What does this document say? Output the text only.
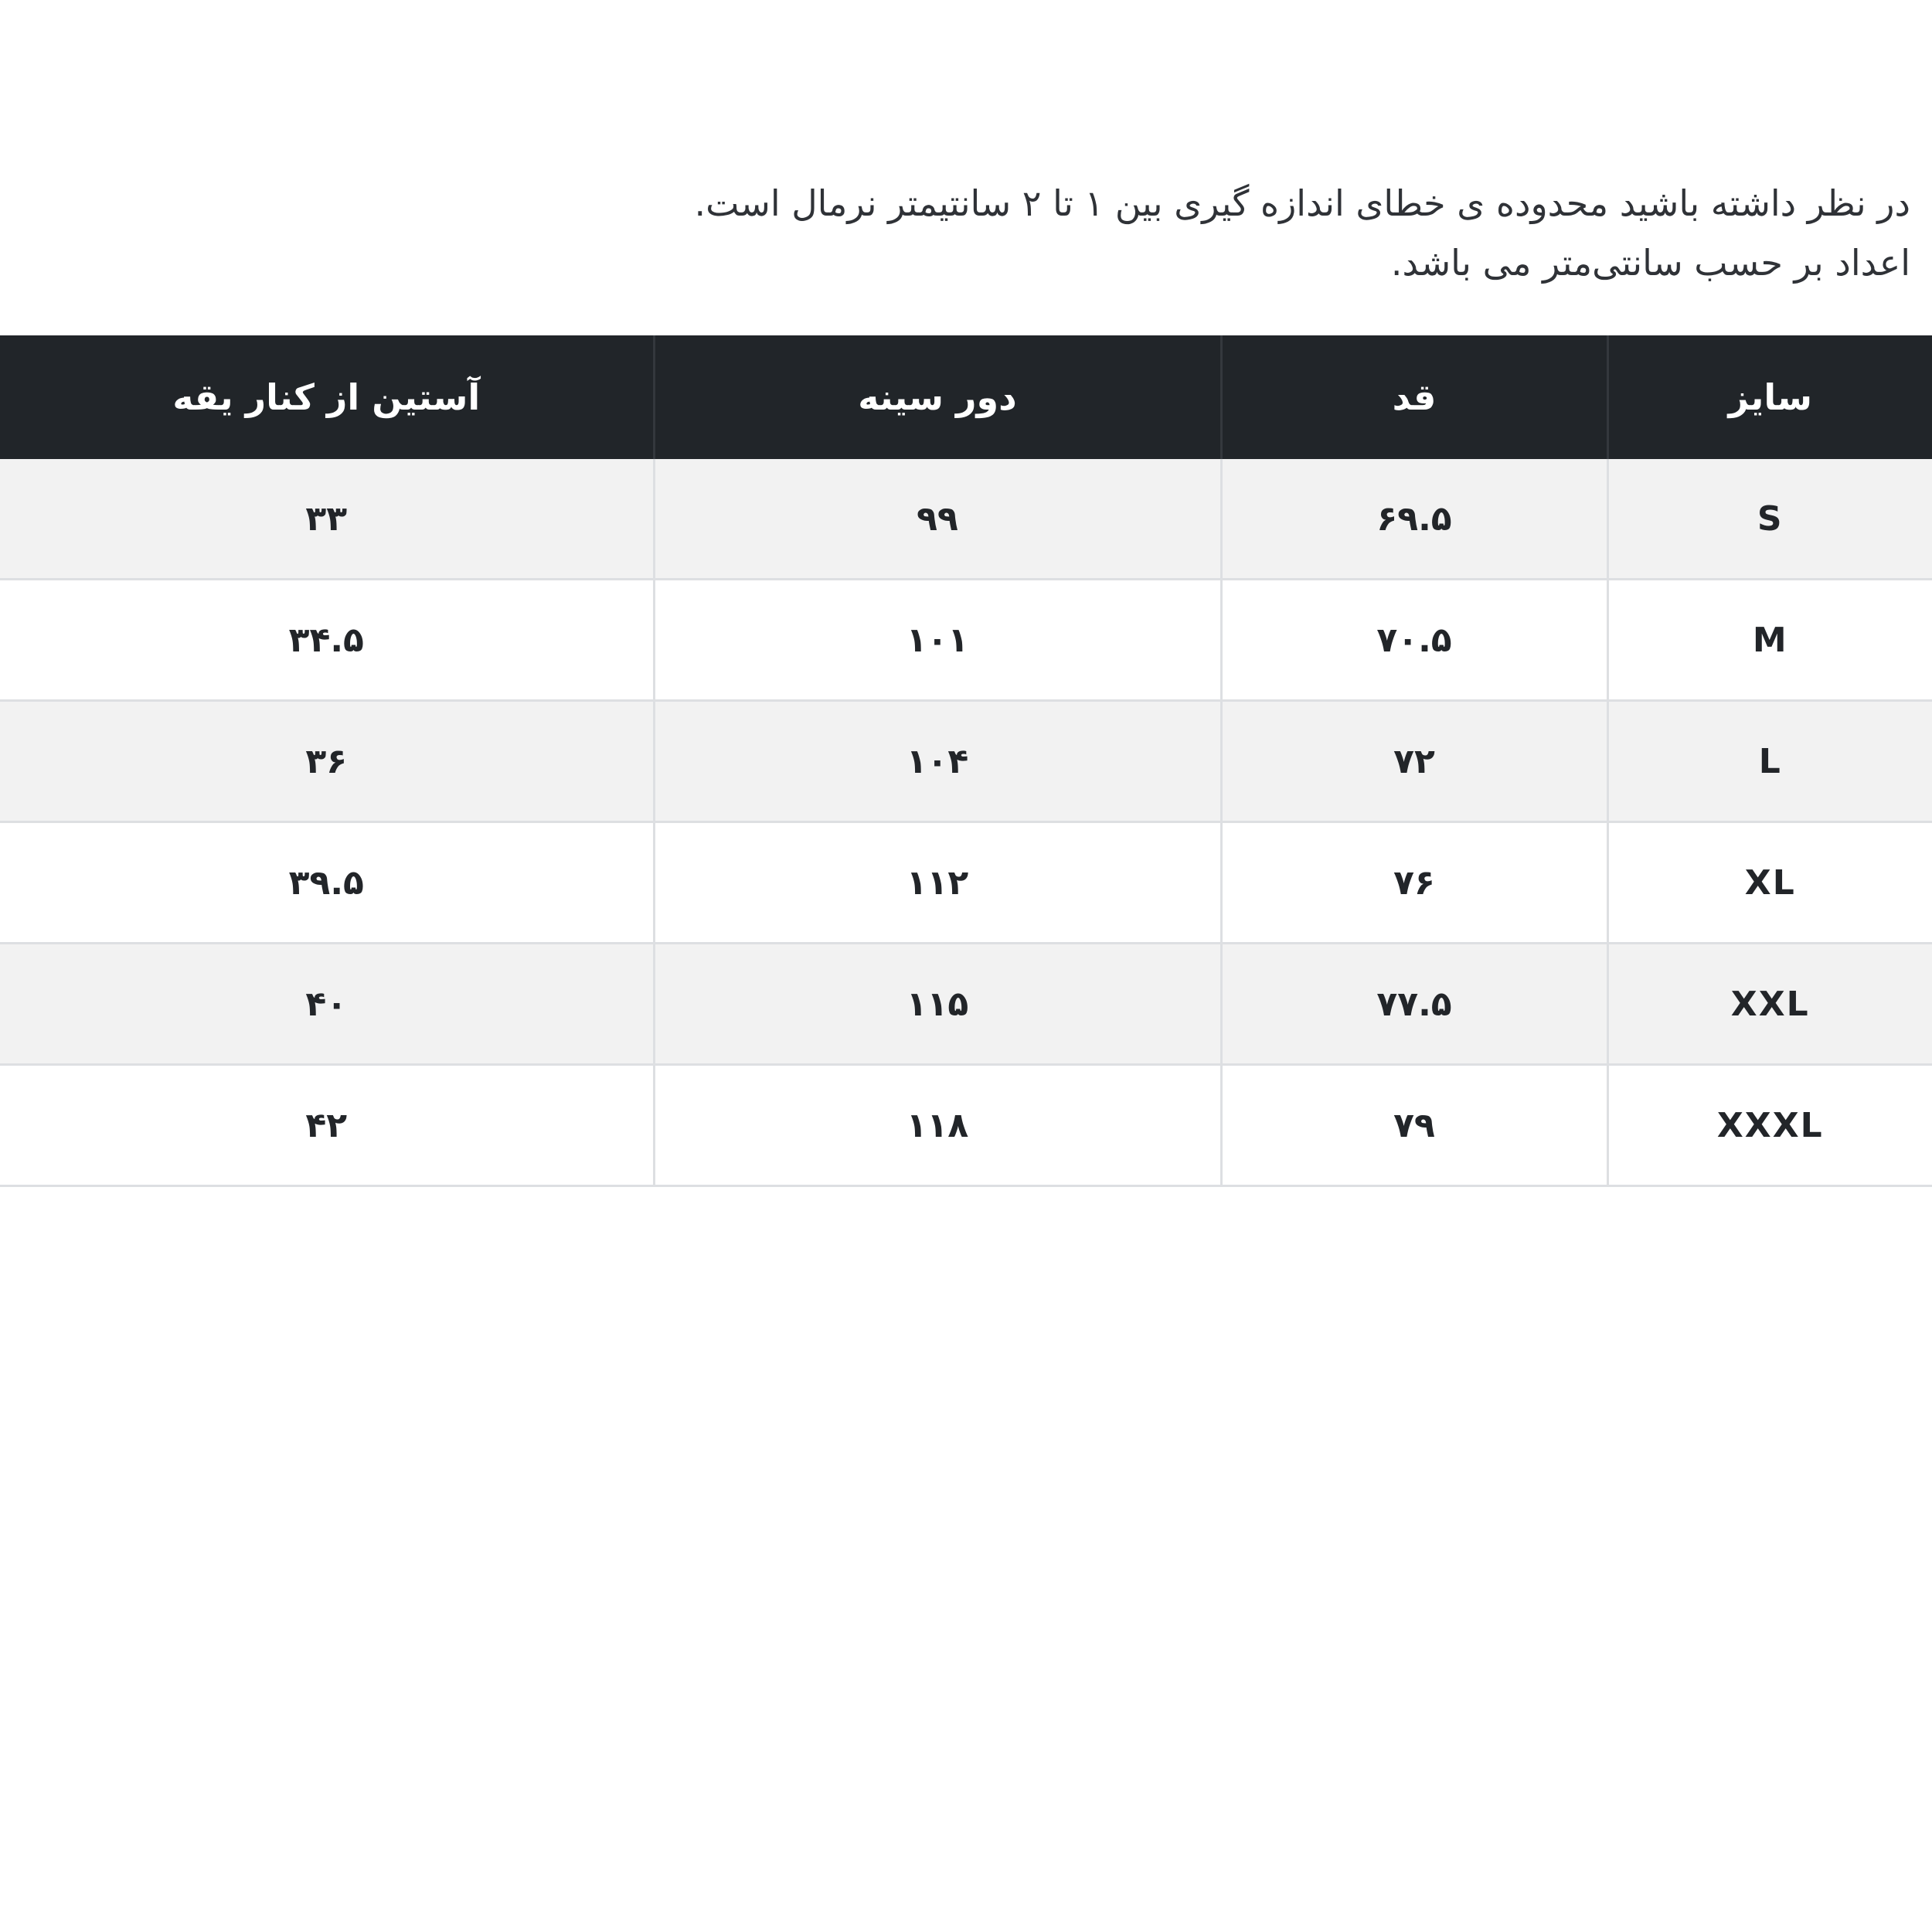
در نظر داشته باشید محدوده ی خطای اندازه گیری بین ۱ تا ۲ سانتیمتر نرمال است.

اعداد بر حسب سانتی‌متر می باشد.

سایز	قد	دور سینه	آستین از کنار یقه
S	۶۹.۵	۹۹	۳۳
M	۷۰.۵	۱۰۱	۳۴.۵
L	۷۲	۱۰۴	۳۶
XL	۷۶	۱۱۲	۳۹.۵
XXL	۷۷.۵	۱۱۵	۴۰
XXXL	۷۹	۱۱۸	۴۲
